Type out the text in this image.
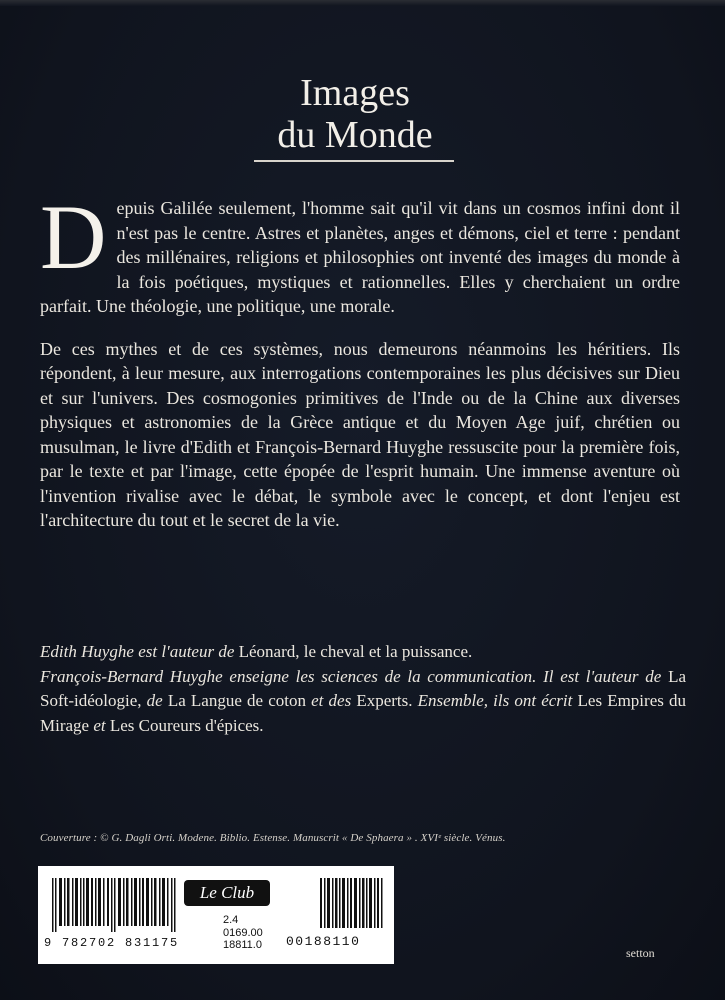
Images
du Monde

Depuis Galilée seulement, l'homme sait qu'il vit dans un cosmos infini dont il n'est pas le centre. Astres et planètes, anges et démons, ciel et terre : pendant des millénaires, religions et philosophies ont inventé des images du monde à la fois poétiques, mystiques et rationnelles. Elles y cherchaient un ordre parfait. Une théologie, une politique, une morale.

De ces mythes et de ces systèmes, nous demeurons néanmoins les héritiers. Ils répondent, à leur mesure, aux interrogations contemporaines les plus décisives sur Dieu et sur l'univers. Des cosmogonies primitives de l'Inde ou de la Chine aux diverses physiques et astronomies de la Grèce antique et du Moyen Age juif, chrétien ou musulman, le livre d'Edith et François-Bernard Huyghe ressuscite pour la première fois, par le texte et par l'image, cette épopée de l'esprit humain. Une immense aventure où l'invention rivalise avec le débat, le symbole avec le concept, et dont l'enjeu est l'architecture du tout et le secret de la vie.

Edith Huyghe est l'auteur de Léonard, le cheval et la puissance.

François-Bernard Huyghe enseigne les sciences de la communication. Il est l'auteur de La Soft-idéologie, de La Langue de coton et des Experts. Ensemble, ils ont écrit Les Empires du Mirage et Les Coureurs d'épices.

Couverture : © G. Dagli Orti. Modene. Biblio. Estense. Manuscrit « De Sphaera » . XVIᵉ siècle. Vénus.
9 782702 831175
Le Club
2.4
0169.00
18811.0 00188110
setton
